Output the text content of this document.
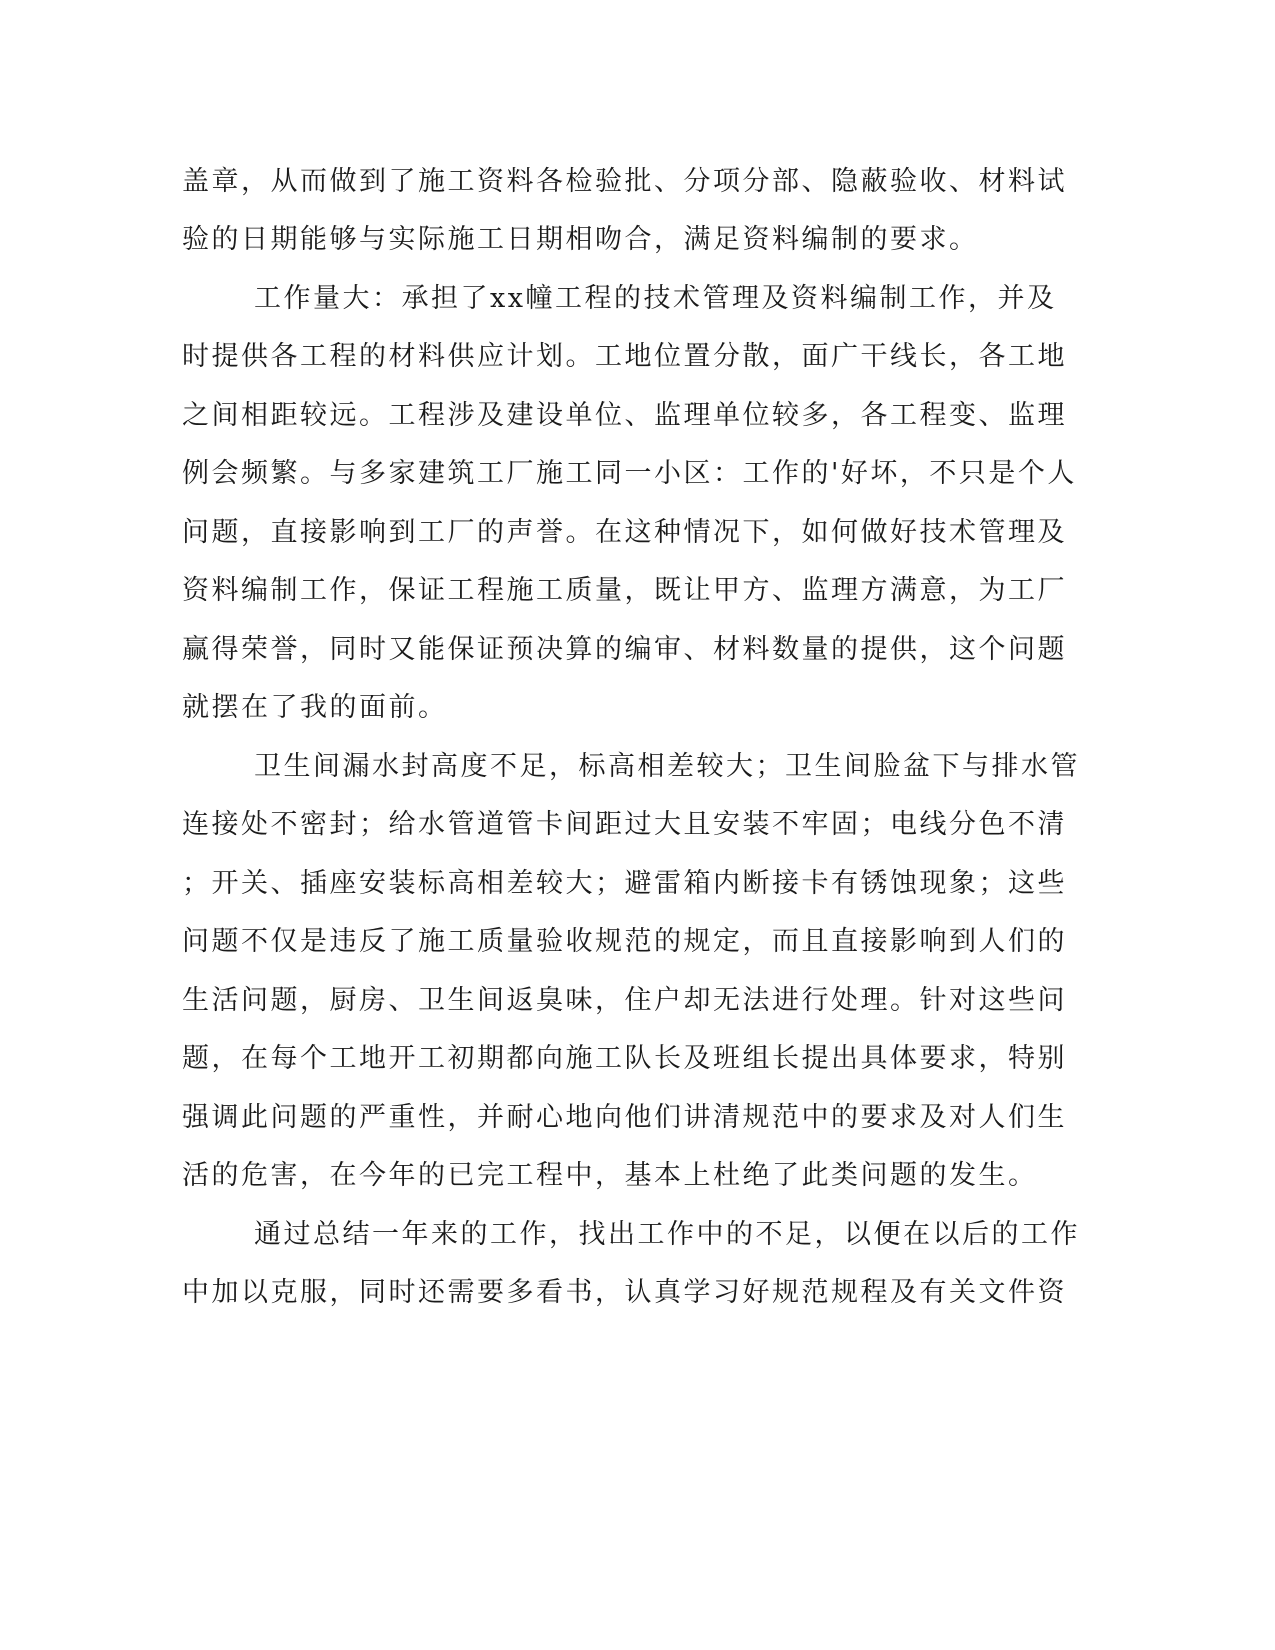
盖章，从而做到了施工资料各检验批、分项分部、隐蔽验收、材料试
验的日期能够与实际施工日期相吻合，满足资料编制的要求。
工作量大：承担了xx幢工程的技术管理及资料编制工作，并及
时提供各工程的材料供应计划。工地位置分散，面广干线长，各工地
之间相距较远。工程涉及建设单位、监理单位较多，各工程变、监理
例会频繁。与多家建筑工厂施工同一小区：工作的'好坏，不只是个人
问题，直接影响到工厂的声誉。在这种情况下，如何做好技术管理及
资料编制工作，保证工程施工质量，既让甲方、监理方满意，为工厂
赢得荣誉，同时又能保证预决算的编审、材料数量的提供，这个问题
就摆在了我的面前。
卫生间漏水封高度不足，标高相差较大；卫生间脸盆下与排水管
连接处不密封；给水管道管卡间距过大且安装不牢固；电线分色不清
；开关、插座安装标高相差较大；避雷箱内断接卡有锈蚀现象；这些
问题不仅是违反了施工质量验收规范的规定，而且直接影响到人们的
生活问题，厨房、卫生间返臭味，住户却无法进行处理。针对这些问
题，在每个工地开工初期都向施工队长及班组长提出具体要求，特别
强调此问题的严重性，并耐心地向他们讲清规范中的要求及对人们生
活的危害，在今年的已完工程中，基本上杜绝了此类问题的发生。
通过总结一年来的工作，找出工作中的不足，以便在以后的工作
中加以克服，同时还需要多看书，认真学习好规范规程及有关文件资
